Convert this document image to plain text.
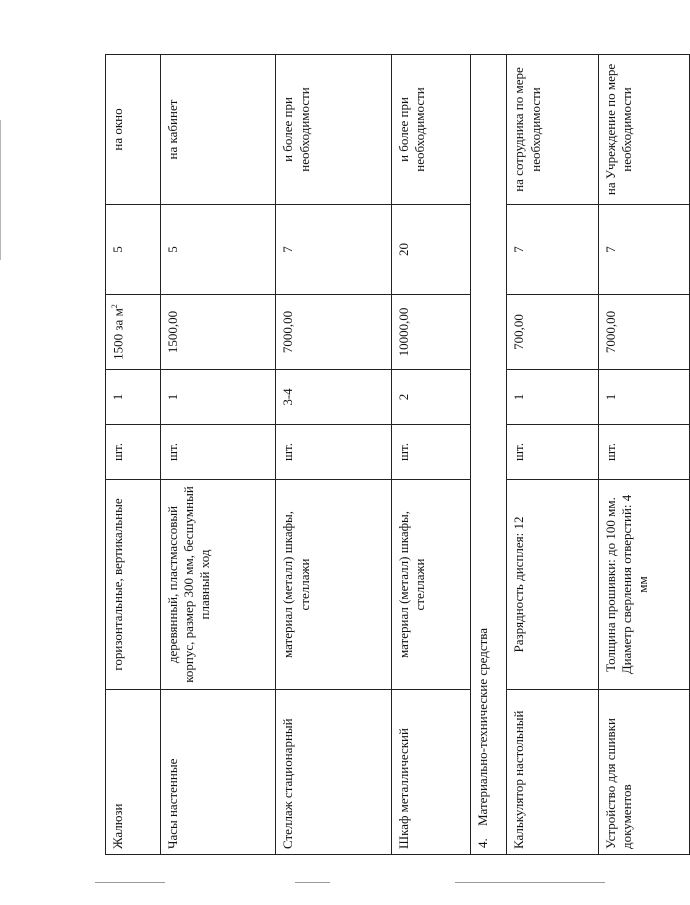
Жалюзи	горизонтальные, вертикальные	шт.	1	1500 за $м^2$	5	на окно
Часы настенные	деревянный, пластмассовый корпус, размер 300 мм, бесшумный плавный ход	шт.	1	1500,00	5	на кабинет
Стеллаж стационарный	материал (металл) шкафы, стеллажи	шт.	3-4	7000,00	7	и более при необходимости
Шкаф металлический	материал (металл) шкафы, стеллажи	шт.	2	10000,00	20	и более при необходимости
4.Материально-технические средства						
Калькулятор настольный	Разрядность дисплея: 12	шт.	1	700,00	7	на сотрудника по мере необходимости
Устройство для сшивки документов	Толщина прошивки: до 100 мм. Диаметр сверления отверстий: 4 мм	шт.	1	7000,00	7	на Учреждение по мере необходимости
